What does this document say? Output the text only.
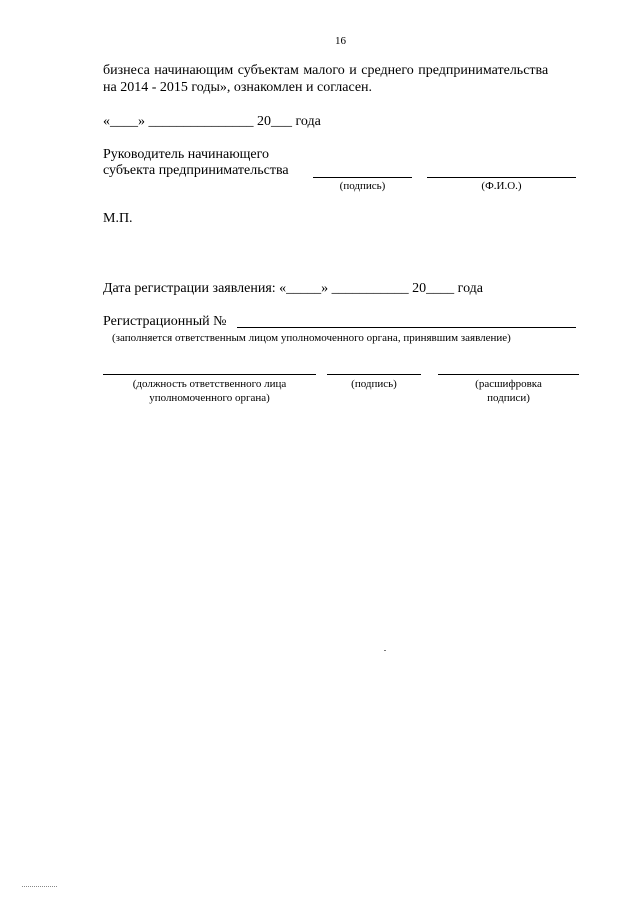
16
бизнеса начинающим субъектам малого и среднего предпринимательства
на 2014 - 2015 годы», ознакомлен и согласен.
«____» _______________ 20___ года
Руководитель начинающего
субъекта предпринимательства
(подпись)	(Ф.И.О.)
М.П.
Дата регистрации заявления: «_____» ___________ 20____ года
Регистрационный №
(заполняется ответственным лицом уполномоченного органа, принявшим заявление)
(должность ответственного лица
уполномоченного органа)
(подпись)	(расшифровка
подписи)
